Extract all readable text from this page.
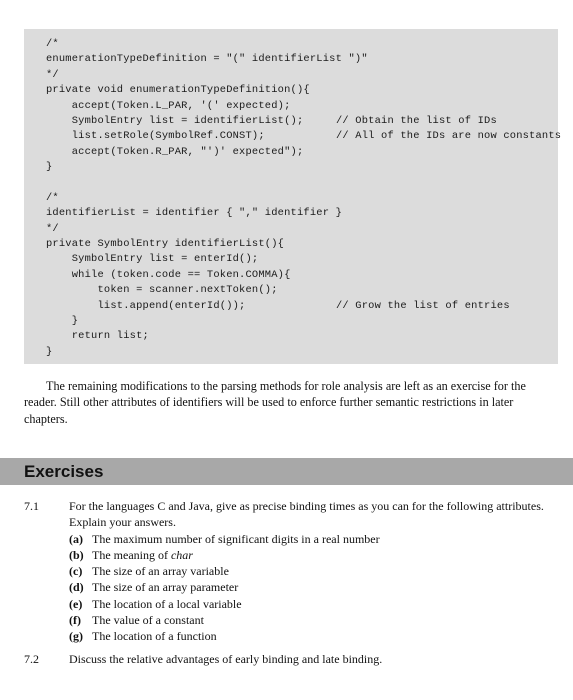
/*
enumerationTypeDefinition = "(" identifierList ")"
*/
private void enumerationTypeDefinition(){
accept(Token.L_PAR, '(' expected);
SymbolEntry list = identifierList();	// Obtain the list of IDs
list.setRole(SymbolRef.CONST);	// All of the IDs are now constants
accept(Token.R_PAR, "')' expected");
}
/*
identifierList = identifier { "," identifier }
*/
private SymbolEntry identifierList(){
SymbolEntry list = enterId();
while (token.code == Token.COMMA){
token = scanner.nextToken();
list.append(enterId());	// Grow the list of entries
}
return list;
}

The remaining modifications to the parsing methods for role analysis are left as an exercise for the reader. Still other attributes of identifiers will be used to enforce further semantic restrictions in later chapters.

Exercises
7.1	For the languages C and Java, give as precise binding times as you can for the following attributes. Explain your answers.

(a) The maximum number of significant digits in a real number
(b) The meaning of char
(c) The size of an array variable
(d) The size of an array parameter
(e) The location of a local variable
(f) The value of a constant
(g) The location of a function
7.2	Discuss the relative advantages of early binding and late binding.
